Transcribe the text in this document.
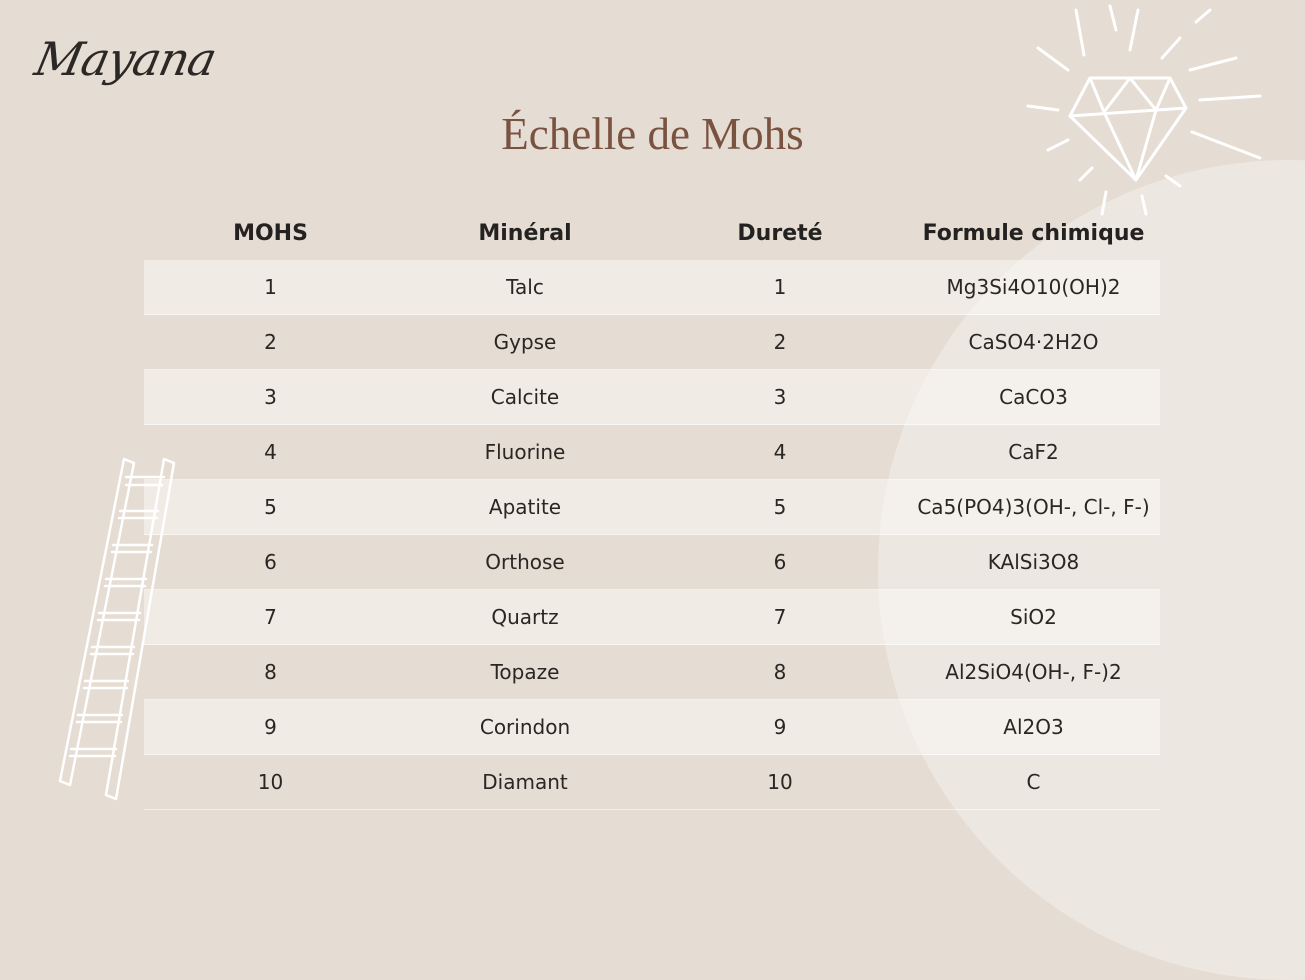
Mayana
Échelle de Mohs
MOHS	Minéral	Dureté	Formule chimique
1	Talc	1	Mg3Si4O10(OH)2
2	Gypse	2	CaSO4·2H2O
3	Calcite	3	CaCO3
4	Fluorine	4	CaF2
5	Apatite	5	Ca5(PO4)3(OH-, Cl-, F-)
6	Orthose	6	KAlSi3O8
7	Quartz	7	SiO2
8	Topaze	8	Al2SiO4(OH-, F-)2
9	Corindon	9	Al2O3
10	Diamant	10	C
